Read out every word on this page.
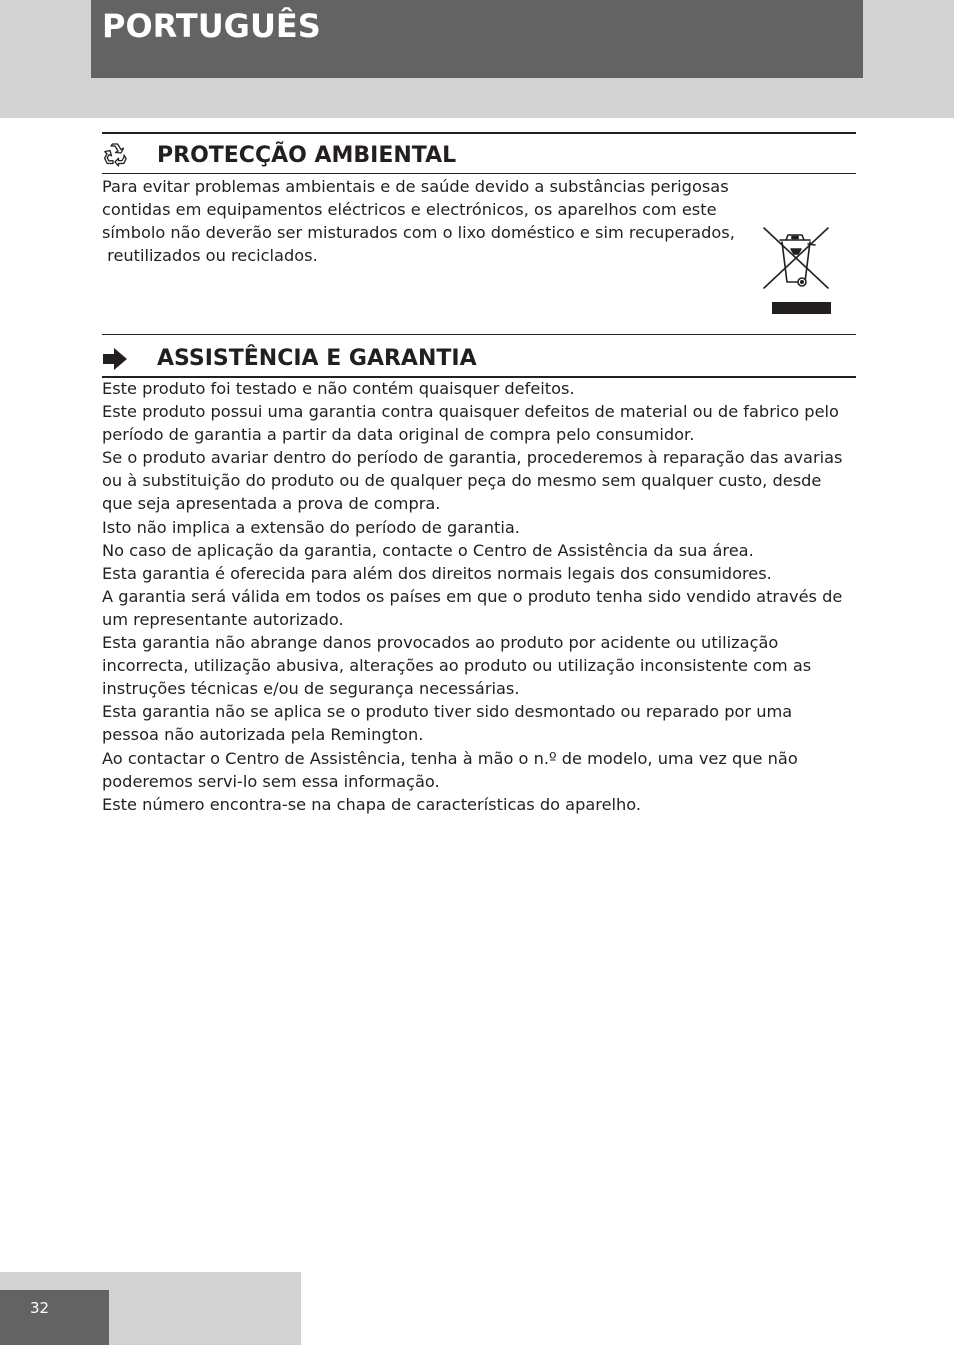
PORTUGUÊS
PROTECÇÃO AMBIENTAL

Para evitar problemas ambientais e de saúde devido a substâncias perigosas

contidas em equipamentos eléctricos e electrónicos, os aparelhos com este

símbolo não deverão ser misturados com o lixo doméstico e sim recuperados,

reutilizados ou reciclados.

ASSISTÊNCIA E GARANTIA

Este produto foi testado e não contém quaisquer defeitos.

Este produto possui uma garantia contra quaisquer defeitos de material ou de fabrico pelo

período de garantia a partir da data original de compra pelo consumidor.

Se o produto avariar dentro do período de garantia, procederemos à reparação das avarias

ou à substituição do produto ou de qualquer peça do mesmo sem qualquer custo, desde

que seja apresentada a prova de compra.

Isto não implica a extensão do período de garantia.

No caso de aplicação da garantia, contacte o Centro de Assistência da sua área.

Esta garantia é oferecida para além dos direitos normais legais dos consumidores.

A garantia será válida em todos os países em que o produto tenha sido vendido através de

um representante autorizado.

Esta garantia não abrange danos provocados ao produto por acidente ou utilização

incorrecta, utilização abusiva, alterações ao produto ou utilização inconsistente com as

instruções técnicas e/ou de segurança necessárias.

Esta garantia não se aplica se o produto tiver sido desmontado ou reparado por uma

pessoa não autorizada pela Remington.

Ao contactar o Centro de Assistência, tenha à mão o n.º de modelo, uma vez que não

poderemos servi-lo sem essa informação.

Este número encontra-se na chapa de características do aparelho.

32
